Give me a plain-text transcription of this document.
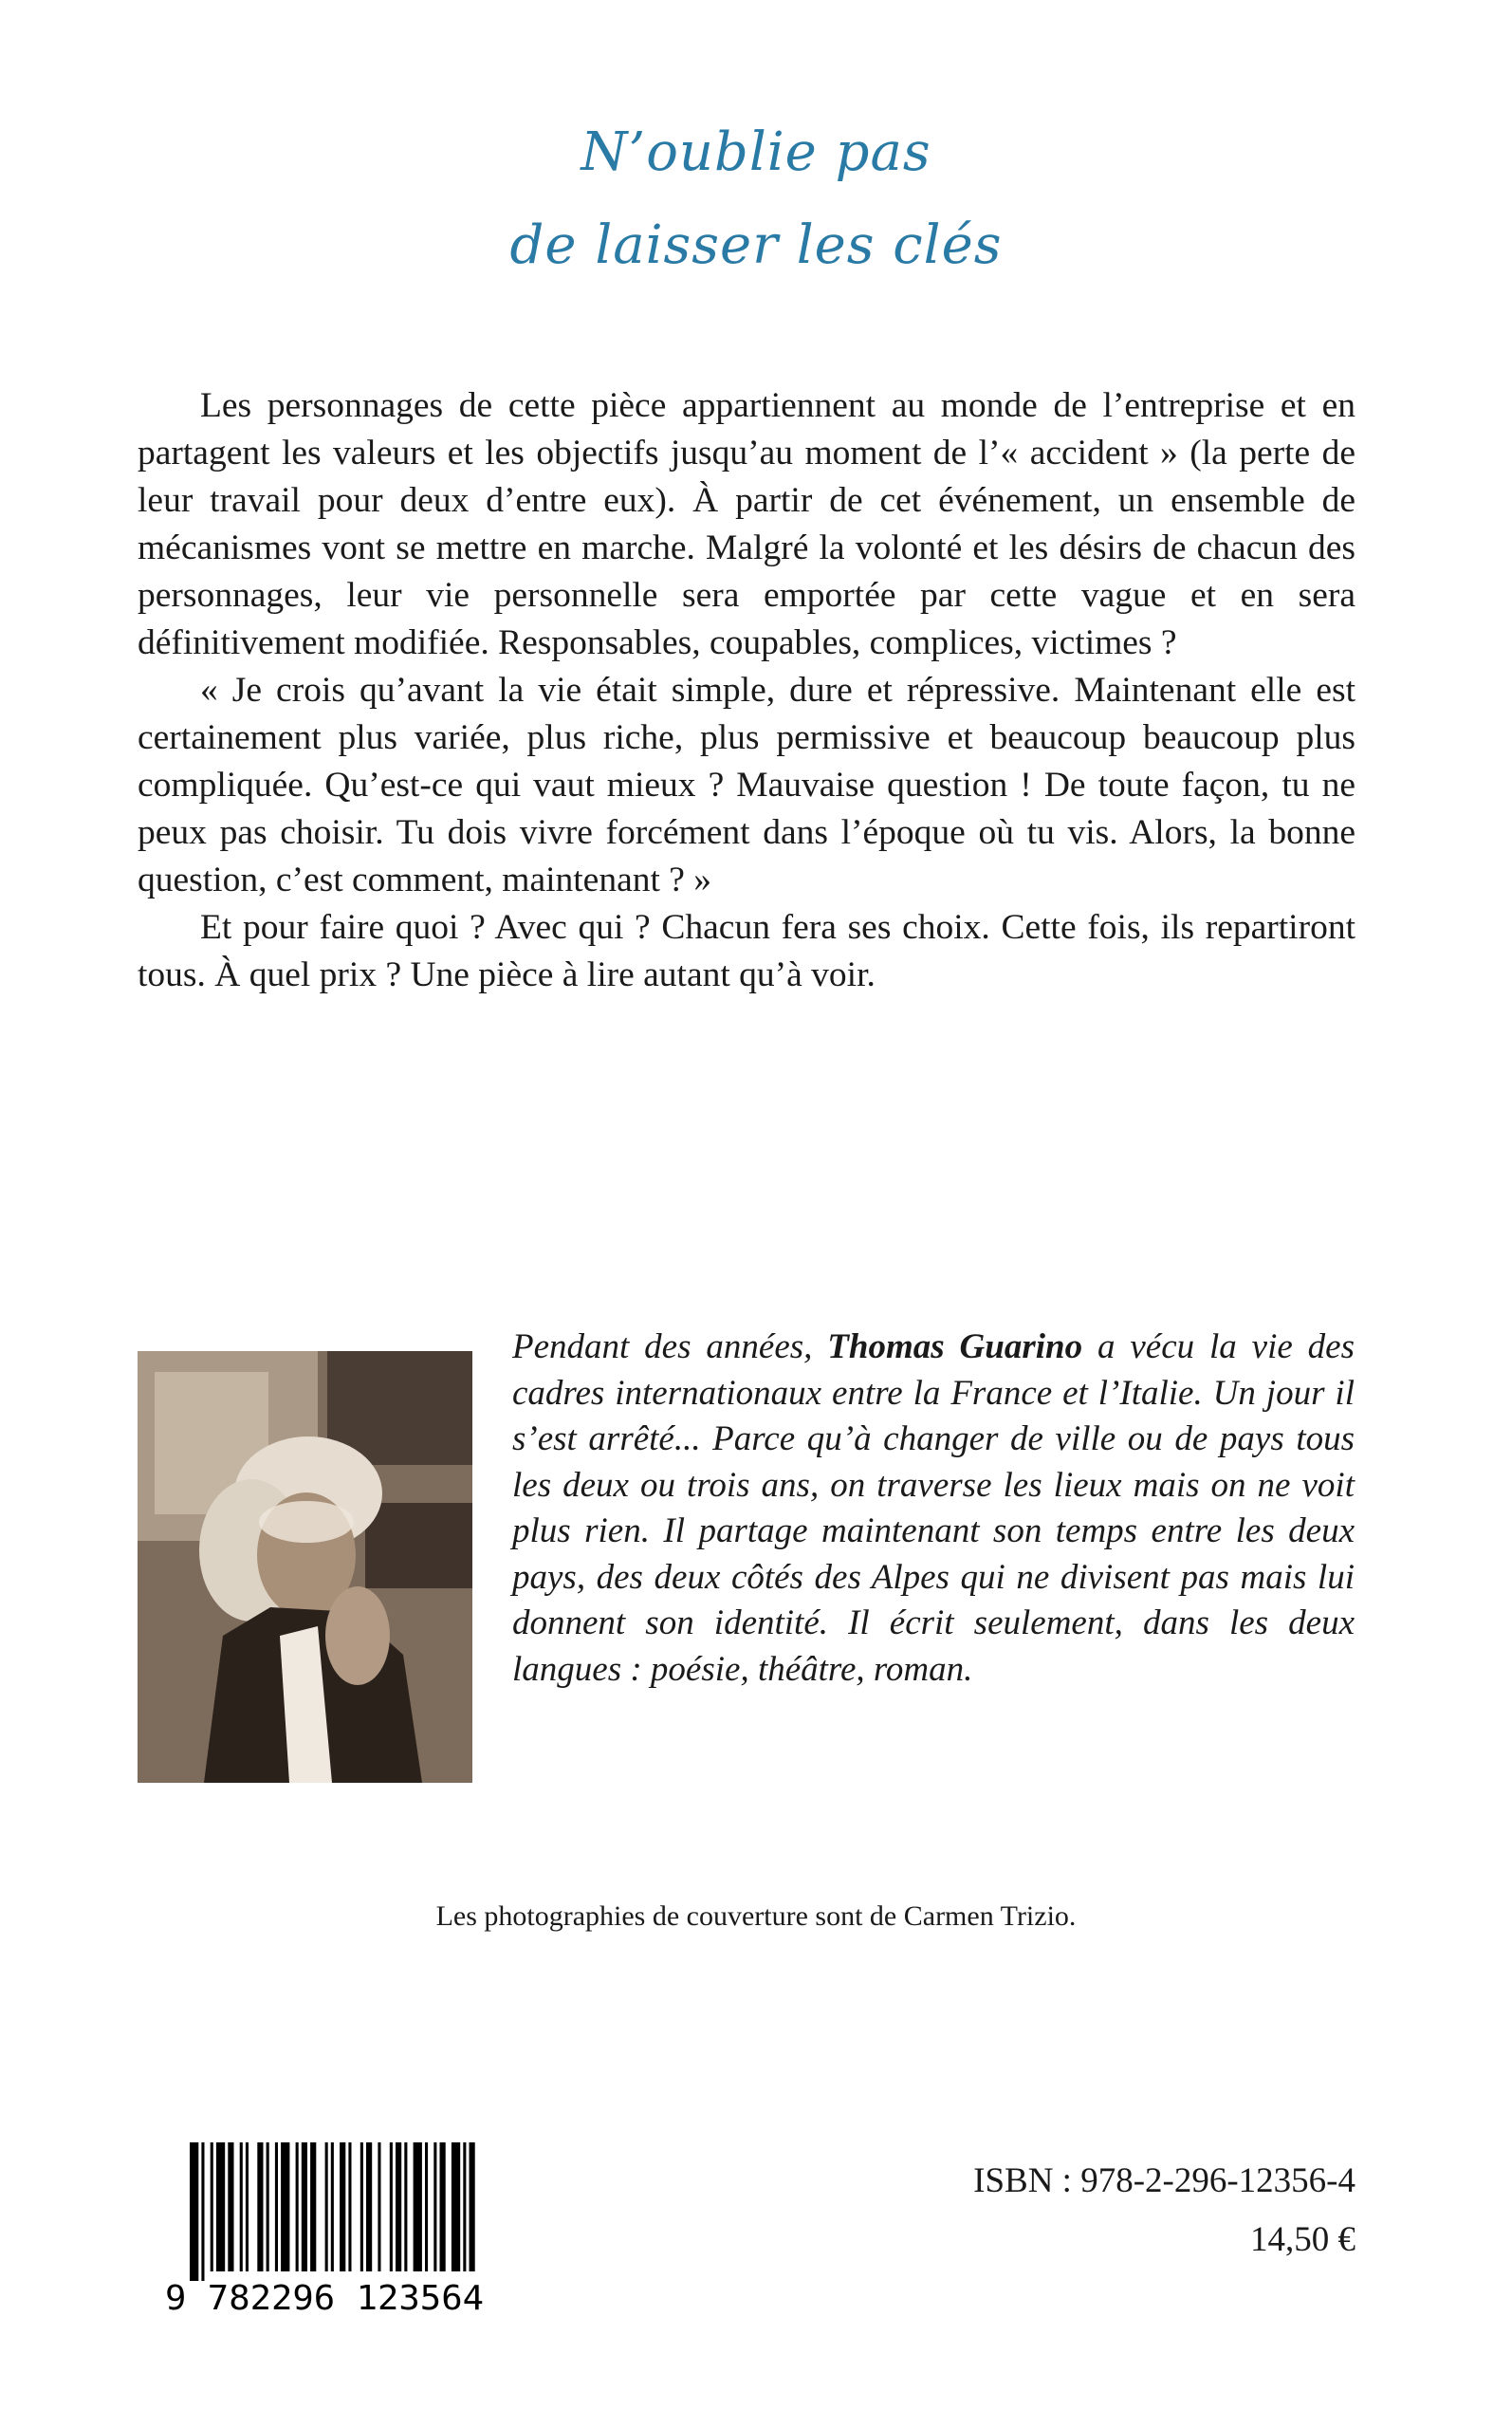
N’oublie pas
de laisser les clés

Les personnages de cette pièce appartiennent au monde de l’entreprise et en partagent les valeurs et les objectifs jusqu’au moment de l’« accident » (la perte de leur travail pour deux d’entre eux). À partir de cet événement, un ensemble de mécanismes vont se mettre en marche. Malgré la volonté et les désirs de chacun des personnages, leur vie personnelle sera emportée par cette vague et en sera définitivement modifiée. Responsables, coupables, complices, victimes ?

« Je crois qu’avant la vie était simple, dure et répressive. Maintenant elle est certainement plus variée, plus riche, plus permissive et beaucoup beaucoup plus compliquée. Qu’est-ce qui vaut mieux ? Mauvaise question ! De toute façon, tu ne peux pas choisir. Tu dois vivre forcément dans l’époque où tu vis. Alors, la bonne question, c’est comment, maintenant ? »

Et pour faire quoi ? Avec qui ? Chacun fera ses choix. Cette fois, ils repartiront tous. À quel prix ? Une pièce à lire autant qu’à voir.

Pendant des années, Thomas Guarino a vécu la vie des cadres internationaux entre la France et l’Italie. Un jour il s’est arrêté... Parce qu’à changer de ville ou de pays tous les deux ou trois ans, on traverse les lieux mais on ne voit plus rien. Il partage maintenant son temps entre les deux pays, des deux côtés des Alpes qui ne divisent pas mais lui donnent son identité. Il écrit seulement, dans les deux langues : poésie, théâtre, roman.
Les photographies de couverture sont de Carmen Trizio.
9 782296 123564
ISBN : 978-2-296-12356-4
14,50 €
